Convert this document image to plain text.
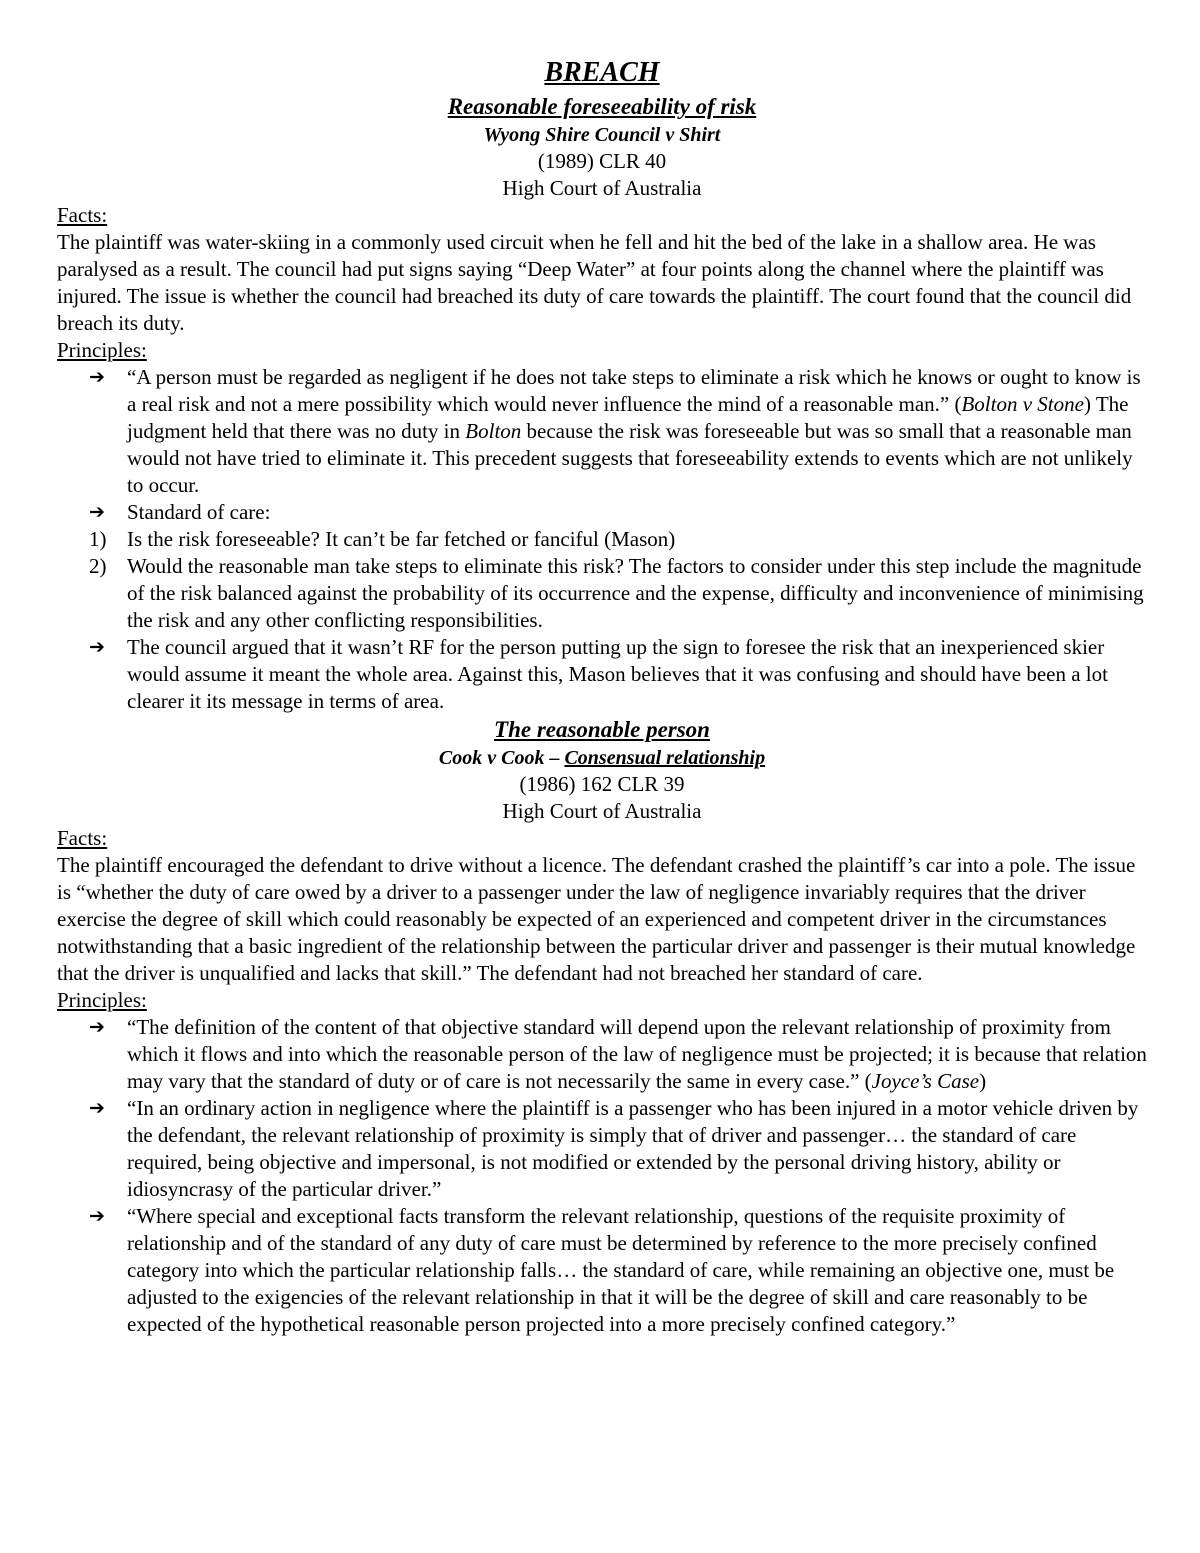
BREACH
Reasonable foreseeability of risk
Wyong Shire Council v Shirt
(1989) CLR 40
High Court of Australia
Facts:
The plaintiff was water-skiing in a commonly used circuit when he fell and hit the bed of the lake in a shallow area. He was paralysed as a result. The council had put signs saying “Deep Water” at four points along the channel where the plaintiff was injured. The issue is whether the council had breached its duty of care towards the plaintiff. The court found that the council did breach its duty.
Principles:
➔ “A person must be regarded as negligent if he does not take steps to eliminate a risk which he knows or ought to know is a real risk and not a mere possibility which would never influence the mind of a reasonable man.” (Bolton v Stone) The judgment held that there was no duty in Bolton because the risk was foreseeable but was so small that a reasonable man would not have tried to eliminate it. This precedent suggests that foreseeability extends to events which are not unlikely to occur.
➔ Standard of care:
1) Is the risk foreseeable? It can’t be far fetched or fanciful (Mason)
2) Would the reasonable man take steps to eliminate this risk? The factors to consider under this step include the magnitude of the risk balanced against the probability of its occurrence and the expense, difficulty and inconvenience of minimising the risk and any other conflicting responsibilities.
➔ The council argued that it wasn’t RF for the person putting up the sign to foresee the risk that an inexperienced skier would assume it meant the whole area. Against this, Mason believes that it was confusing and should have been a lot clearer it its message in terms of area.
The reasonable person
Cook v Cook – Consensual relationship
(1986) 162 CLR 39
High Court of Australia
Facts:
The plaintiff encouraged the defendant to drive without a licence. The defendant crashed the plaintiff’s car into a pole. The issue is “whether the duty of care owed by a driver to a passenger under the law of negligence invariably requires that the driver exercise the degree of skill which could reasonably be expected of an experienced and competent driver in the circumstances notwithstanding that a basic ingredient of the relationship between the particular driver and passenger is their mutual knowledge that the driver is unqualified and lacks that skill.” The defendant had not breached her standard of care.
Principles:
➔ “The definition of the content of that objective standard will depend upon the relevant relationship of proximity from which it flows and into which the reasonable person of the law of negligence must be projected; it is because that relation may vary that the standard of duty or of care is not necessarily the same in every case.” (Joyce’s Case)
➔ “In an ordinary action in negligence where the plaintiff is a passenger who has been injured in a motor vehicle driven by the defendant, the relevant relationship of proximity is simply that of driver and passenger… the standard of care required, being objective and impersonal, is not modified or extended by the personal driving history, ability or idiosyncrasy of the particular driver.”
➔ “Where special and exceptional facts transform the relevant relationship, questions of the requisite proximity of relationship and of the standard of any duty of care must be determined by reference to the more precisely confined category into which the particular relationship falls… the standard of care, while remaining an objective one, must be adjusted to the exigencies of the relevant relationship in that it will be the degree of skill and care reasonably to be expected of the hypothetical reasonable person projected into a more precisely confined category.”
